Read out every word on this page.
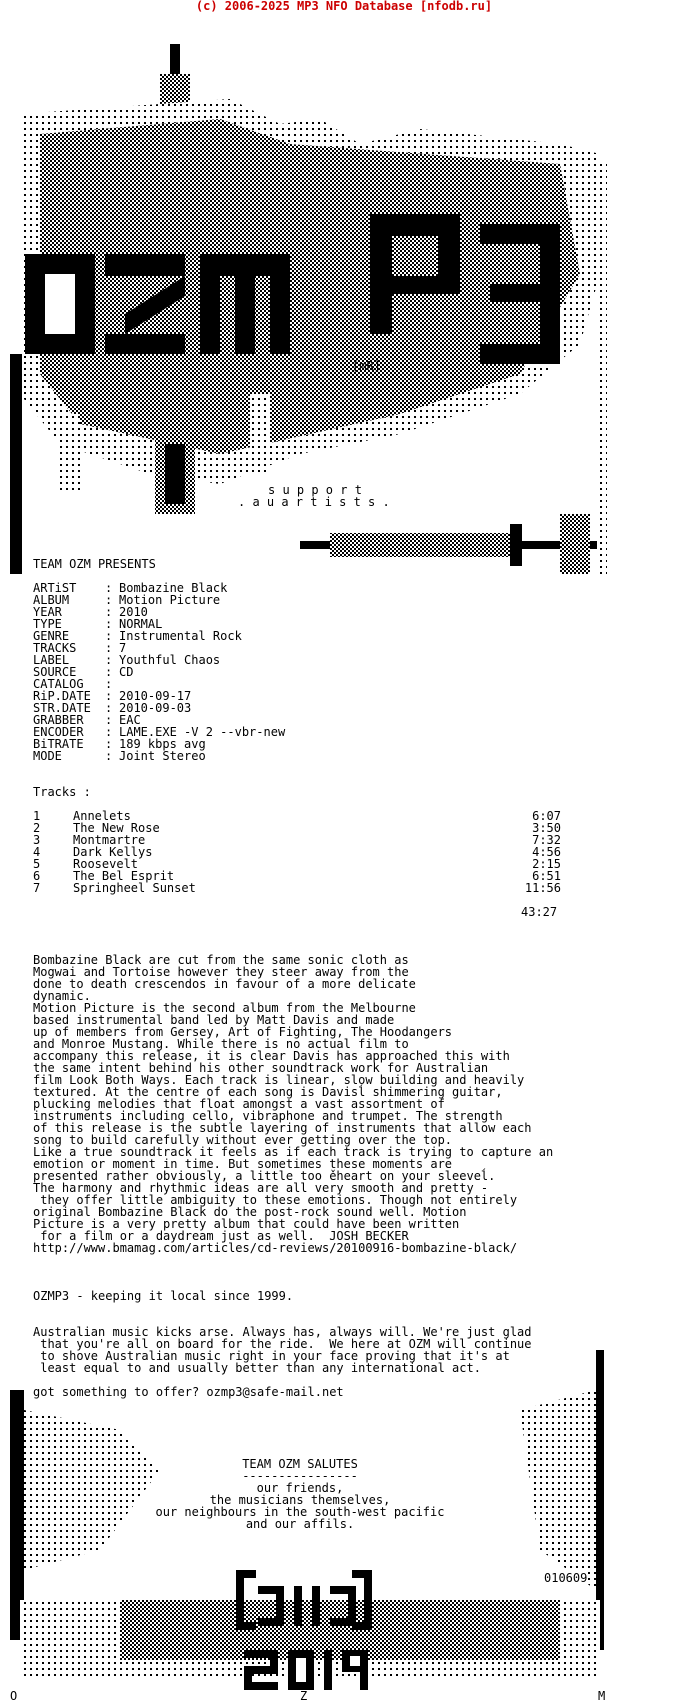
(c) 2006-2025 MP3 NFO Database [nfodb.ru]
[mR]
s u p p o r t
. a u a r t i s t s .
TEAM OZM PRESENTS
ARTiST : Bombazine Black
ALBUM	: Motion Picture
YEAR	: 2010
TYPE	: NORMAL
GENRE	: Instrumental Rock
TRACKS : 7
LABEL	: Youthful Chaos
SOURCE : CD
CATALOG :
RiP.DATE : 2010-09-17
STR.DATE : 2010-09-03
GRABBER : EAC
ENCODER : LAME.EXE -V 2 --vbr-new
BiTRATE : 189 kbps avg
MODE	: Joint Stereo
Tracks :
1	Annelets	6:07
2	The New Rose	3:50
3	Montmartre	7:32
4	Dark Kellys	4:56
5	Roosevelt	2:15
6	The Bel Esprit	6:51
7	Springheel Sunset	11:56
43:27
Bombazine Black are cut from the same sonic cloth as
Mogwai and Tortoise however they steer away from the
done to death crescendos in favour of a more delicate
dynamic.
Motion Picture is the second album from the Melbourne
based instrumental band led by Matt Davis and made
up of members from Gersey, Art of Fighting, The Hoodangers
and Monroe Mustang. While there is no actual film to
accompany this release, it is clear Davis has approached this with
the same intent behind his other soundtrack work for Australian
film Look Both Ways. Each track is linear, slow building and heavily
textured. At the centre of each song is Davisĺ shimmering guitar,
plucking melodies that float amongst a vast assortment of
instruments including cello, vibraphone and trumpet. The strength
of this release is the subtle layering of instruments that allow each
song to build carefully without ever getting over the top.
Like a true soundtrack it feels as if each track is trying to capture an
emotion or moment in time. But sometimes these moments are
presented rather obviously, a little too ěheart on your sleeveĺ.
The harmony and rhythmic ideas are all very smooth and pretty -
they offer little ambiguity to these emotions. Though not entirely
original Bombazine Black do the post-rock sound well. Motion
Picture is a very pretty album that could have been written
for a film or a daydream just as well.  JOSH BECKER
http://www.bmamag.com/articles/cd-reviews/20100916-bombazine-black/
OZMP3 - keeping it local since 1999.
Australian music kicks arse. Always has, always will. We're just glad
that you're all on board for the ride.  We here at OZM will continue
to shove Australian music right in your face proving that it's at
least equal to and usually better than any international act.
got something to offer? ozmp3@safe-mail.net
010609
TEAM OZM SALUTES
----------------
our friends,
the musicians themselves,
our neighbours in the south-west pacific
and our affils.
O	Z	M
